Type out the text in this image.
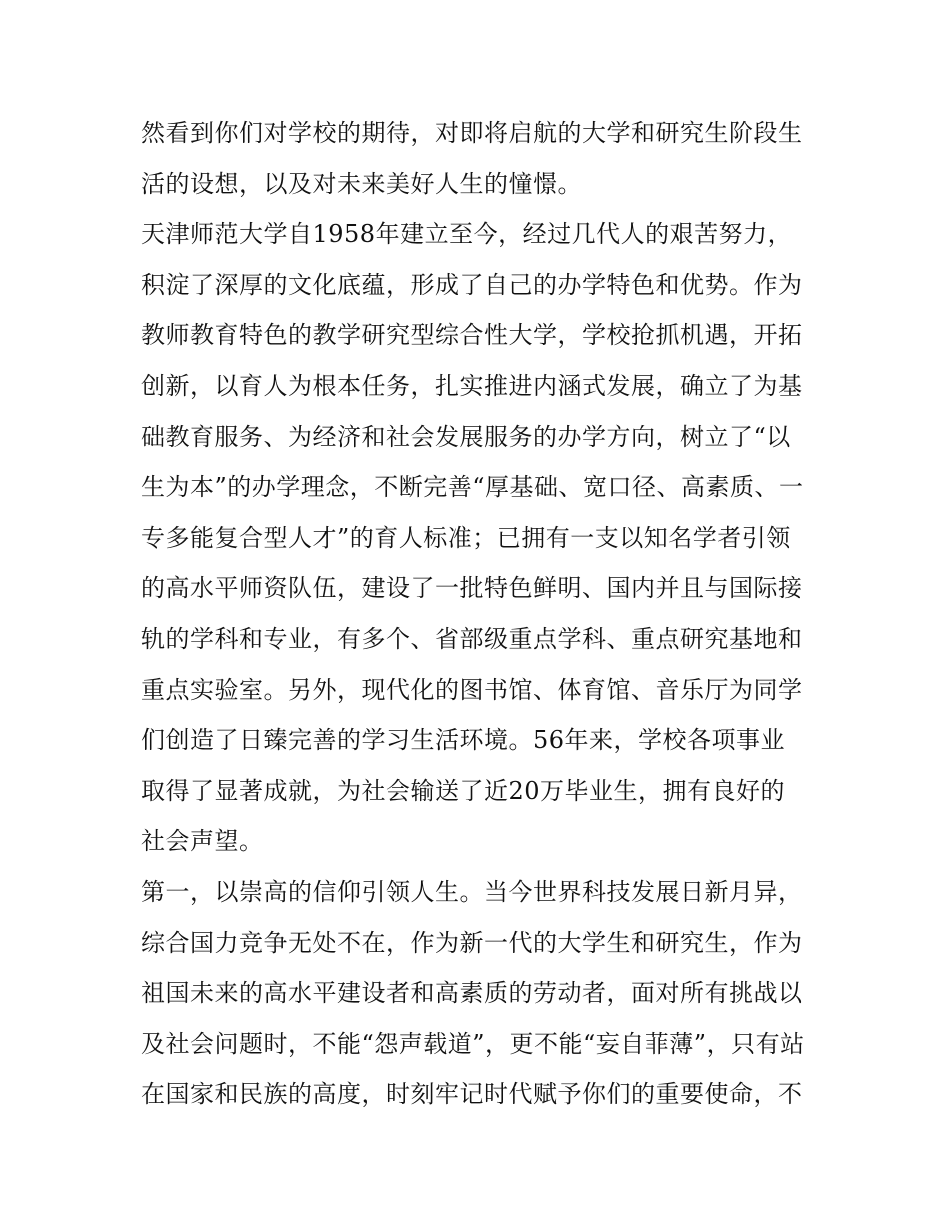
然看到你们对学校的期待，对即将启航的大学和研究生阶段生
活的设想，以及对未来美好人生的憧憬。
天津师范大学自1958年建立至今，经过几代人的艰苦努力，
积淀了深厚的文化底蕴，形成了自己的办学特色和优势。作为
教师教育特色的教学研究型综合性大学，学校抢抓机遇，开拓
创新，以育人为根本任务，扎实推进内涵式发展，确立了为基
础教育服务、为经济和社会发展服务的办学方向，树立了“以
生为本”的办学理念，不断完善“厚基础、宽口径、高素质、一
专多能复合型人才”的育人标准；已拥有一支以知名学者引领
的高水平师资队伍，建设了一批特色鲜明、国内并且与国际接
轨的学科和专业，有多个、省部级重点学科、重点研究基地和
重点实验室。另外，现代化的图书馆、体育馆、音乐厅为同学
们创造了日臻完善的学习生活环境。56年来，学校各项事业
取得了显著成就，为社会输送了近20万毕业生，拥有良好的
社会声望。
第一，以崇高的信仰引领人生。当今世界科技发展日新月异，
综合国力竞争无处不在，作为新一代的大学生和研究生，作为
祖国未来的高水平建设者和高素质的劳动者，面对所有挑战以
及社会问题时，不能“怨声载道”，更不能“妄自菲薄”，只有站
在国家和民族的高度，时刻牢记时代赋予你们的重要使命，不
